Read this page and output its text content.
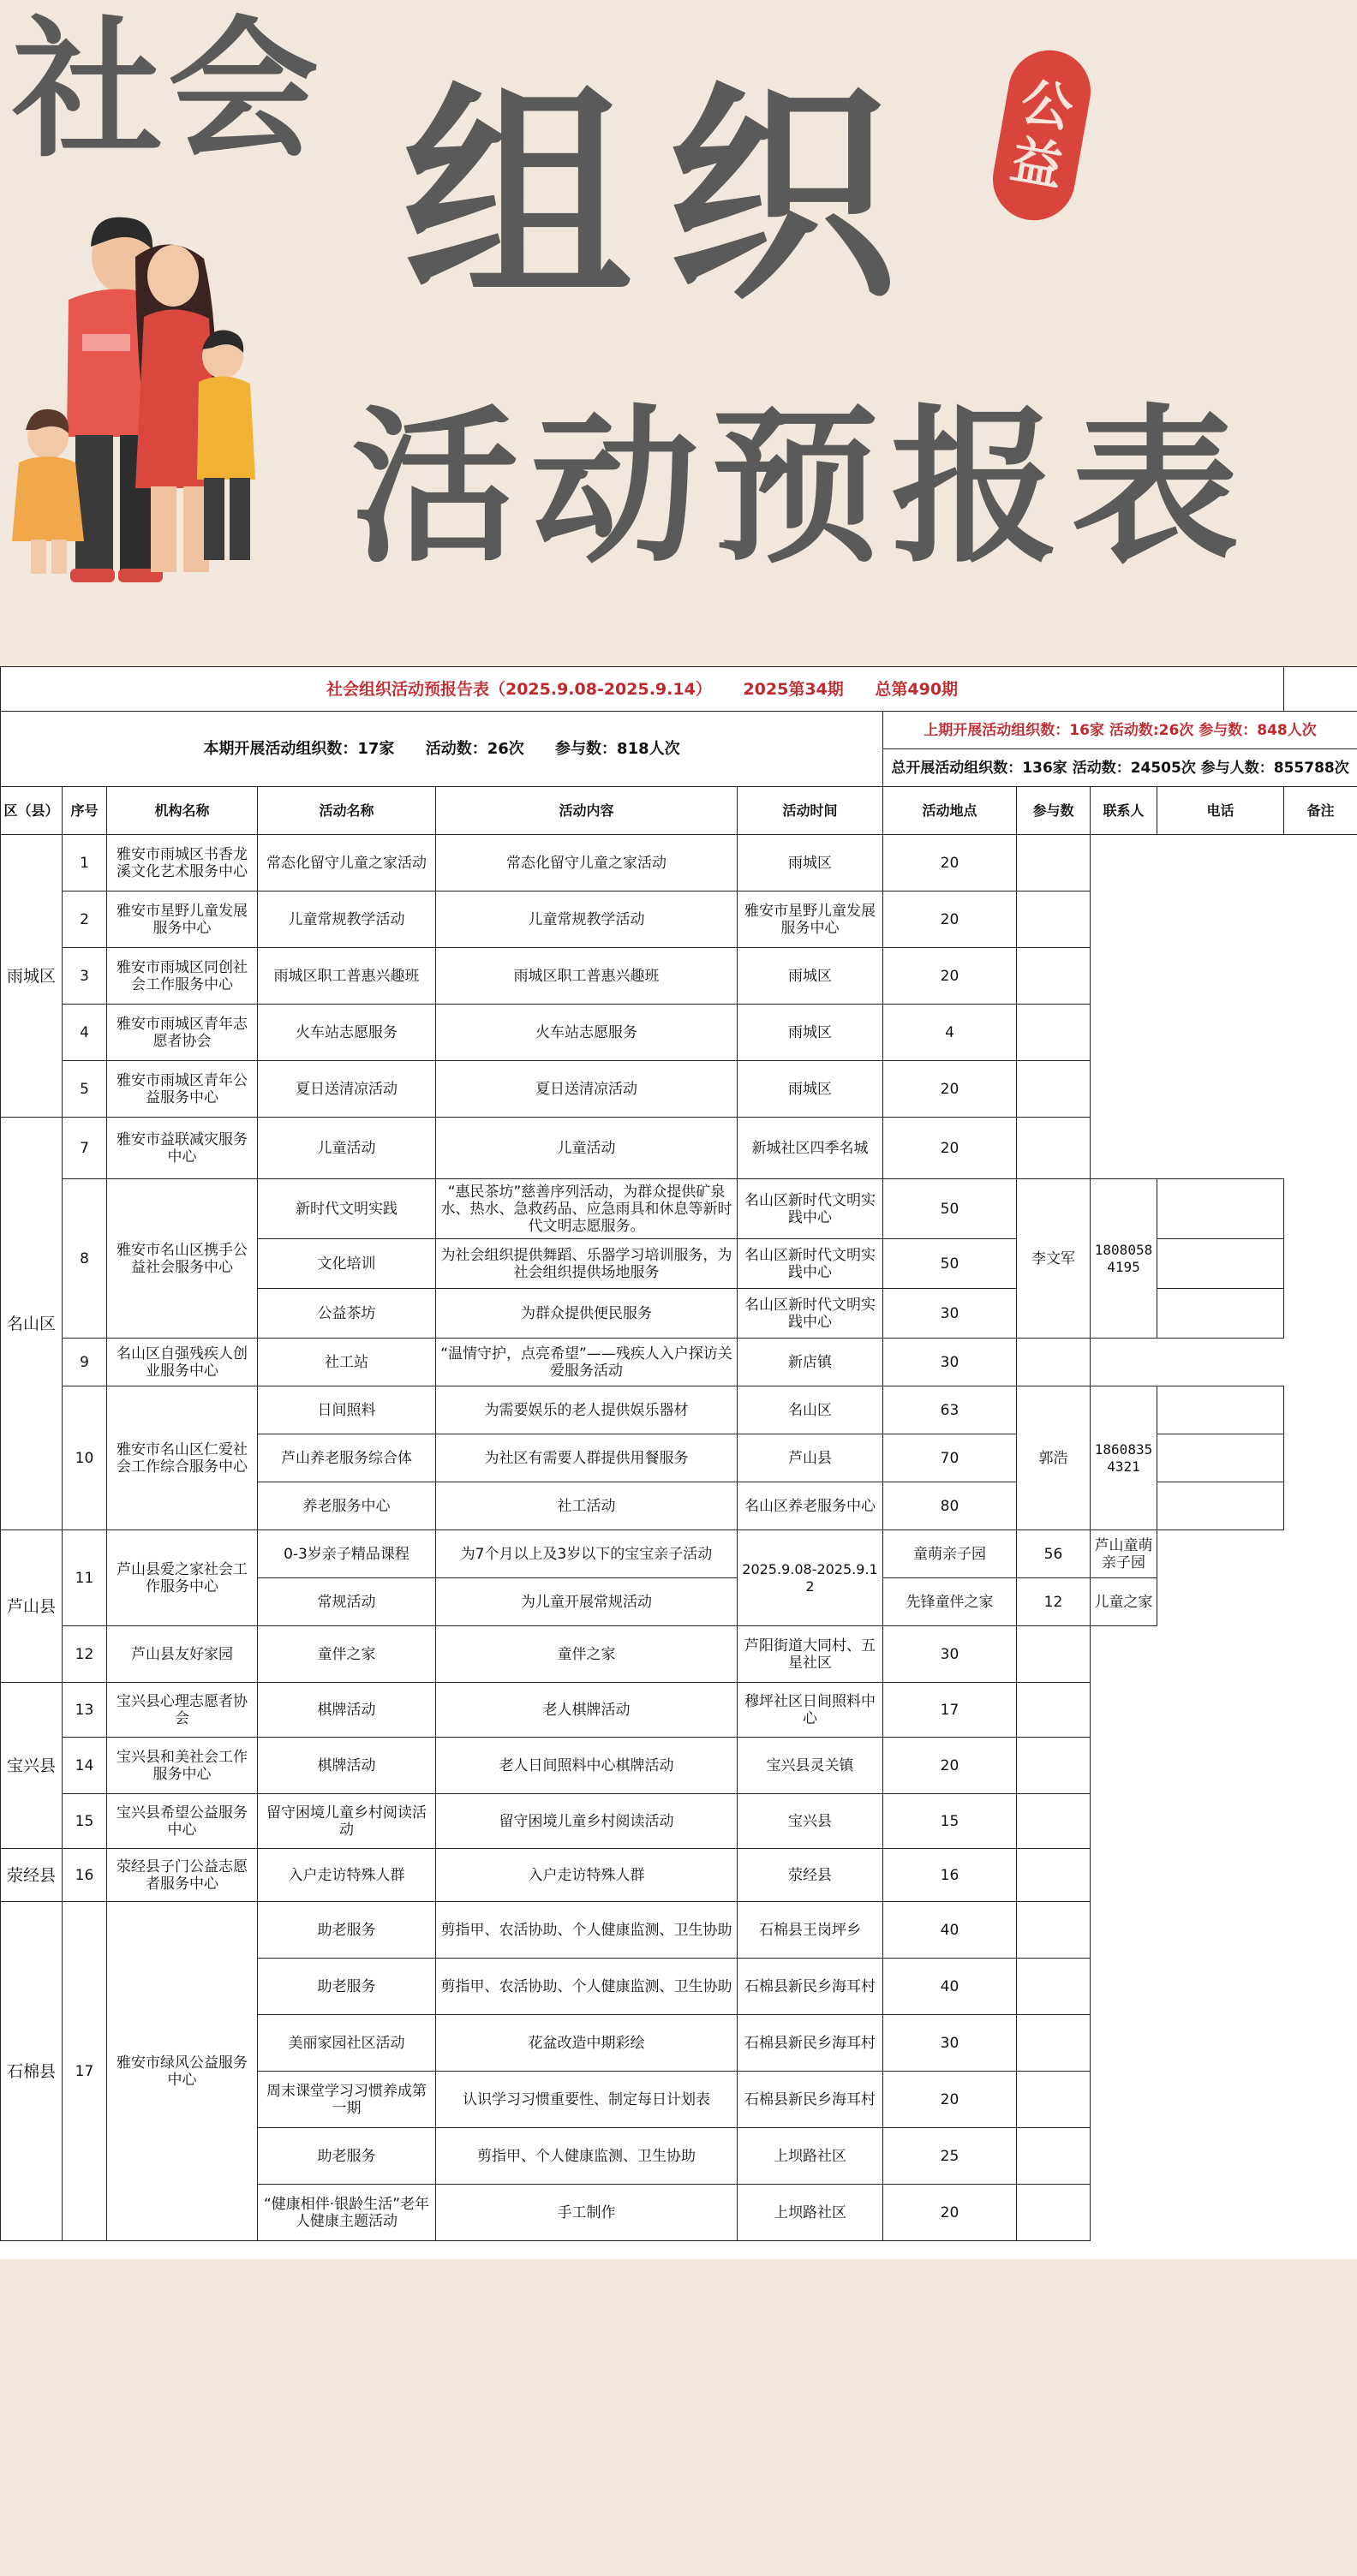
社会 组织
活动预报表
公
益
社会组织活动预报告表（2025.9.08-2025.9.14） 2025第34期 总第490期										
本期开展活动组织数：17家 活动数：26次 参与数：818人次						上期开展活动组织数：16家 活动数:26次 参与数：848人次				
						总开展活动组织数：136家 活动数：24505次 参与人数：855788次				
区（县）	序号	机构名称	活动名称	活动内容	活动时间	活动地点	参与数	联系人	电话	备注
雨城区	1	雅安市雨城区书香龙溪文化艺术服务中心	常态化留守儿童之家活动	常态化留守儿童之家活动	雨城区	20				
	2	雅安市星野儿童发展服务中心	儿童常规教学活动	儿童常规教学活动	雅安市星野儿童发展服务中心	20				
	3	雅安市雨城区同创社会工作服务中心	雨城区职工普惠兴趣班	雨城区职工普惠兴趣班	雨城区	20				
	4	雅安市雨城区青年志愿者协会	火车站志愿服务	火车站志愿服务	雨城区	4				
	5	雅安市雨城区青年公益服务中心	夏日送清凉活动	夏日送清凉活动	雨城区	20				
名山区	7	雅安市益联减灾服务中心	儿童活动	儿童活动	新城社区四季名城	20				
	8	雅安市名山区携手公益社会服务中心	新时代文明实践	“惠民茶坊”慈善序列活动，为群众提供矿泉水、热水、急救药品、应急雨具和休息等新时代文明志愿服务。	名山区新时代文明实践中心	50	李文军	18080584195		
			文化培训	为社会组织提供舞蹈、乐器学习培训服务，为社会组织提供场地服务	名山区新时代文明实践中心	50				
			公益茶坊	为群众提供便民服务	名山区新时代文明实践中心	30				
	9	名山区自强残疾人创业服务中心	社工站	“温情守护，点亮希望”——残疾人入户探访关爱服务活动	新店镇	30				
	10	雅安市名山区仁爱社会工作综合服务中心	日间照料	为需要娱乐的老人提供娱乐器材	名山区	63	郭浩	18608354321		
			芦山养老服务综合体	为社区有需要人群提供用餐服务	芦山县	70				
			养老服务中心	社工活动	名山区养老服务中心	80				
芦山县	11	芦山县爱之家社会工作服务中心	0-3岁亲子精品课程	为7个月以上及3岁以下的宝宝亲子活动	2025.9.08-2025.9.12	童萌亲子园	56	芦山童萌亲子园		
			常规活动	为儿童开展常规活动		先锋童伴之家	12	儿童之家		
	12	芦山县友好家园	童伴之家	童伴之家	芦阳街道大同村、五星社区	30				
宝兴县	13	宝兴县心理志愿者协会	棋牌活动	老人棋牌活动	穆坪社区日间照料中心	17				
	14	宝兴县和美社会工作服务中心	棋牌活动	老人日间照料中心棋牌活动	宝兴县灵关镇	20				
	15	宝兴县希望公益服务中心	留守困境儿童乡村阅读活动	留守困境儿童乡村阅读活动	宝兴县	15				
荥经县	16	荥经县子门公益志愿者服务中心	入户走访特殊人群	入户走访特殊人群	荥经县	16				
石棉县	17	雅安市绿风公益服务中心	助老服务	剪指甲、农活协助、个人健康监测、卫生协助	石棉县王岗坪乡	40				
			助老服务	剪指甲、农活协助、个人健康监测、卫生协助	石棉县新民乡海耳村	40				
			美丽家园社区活动	花盆改造中期彩绘	石棉县新民乡海耳村	30				
			周末课堂学习习惯养成第一期	认识学习习惯重要性、制定每日计划表	石棉县新民乡海耳村	20				
			助老服务	剪指甲、个人健康监测、卫生协助	上坝路社区	25				
			“健康相伴·银龄生活”老年人健康主题活动	手工制作	上坝路社区	20				
